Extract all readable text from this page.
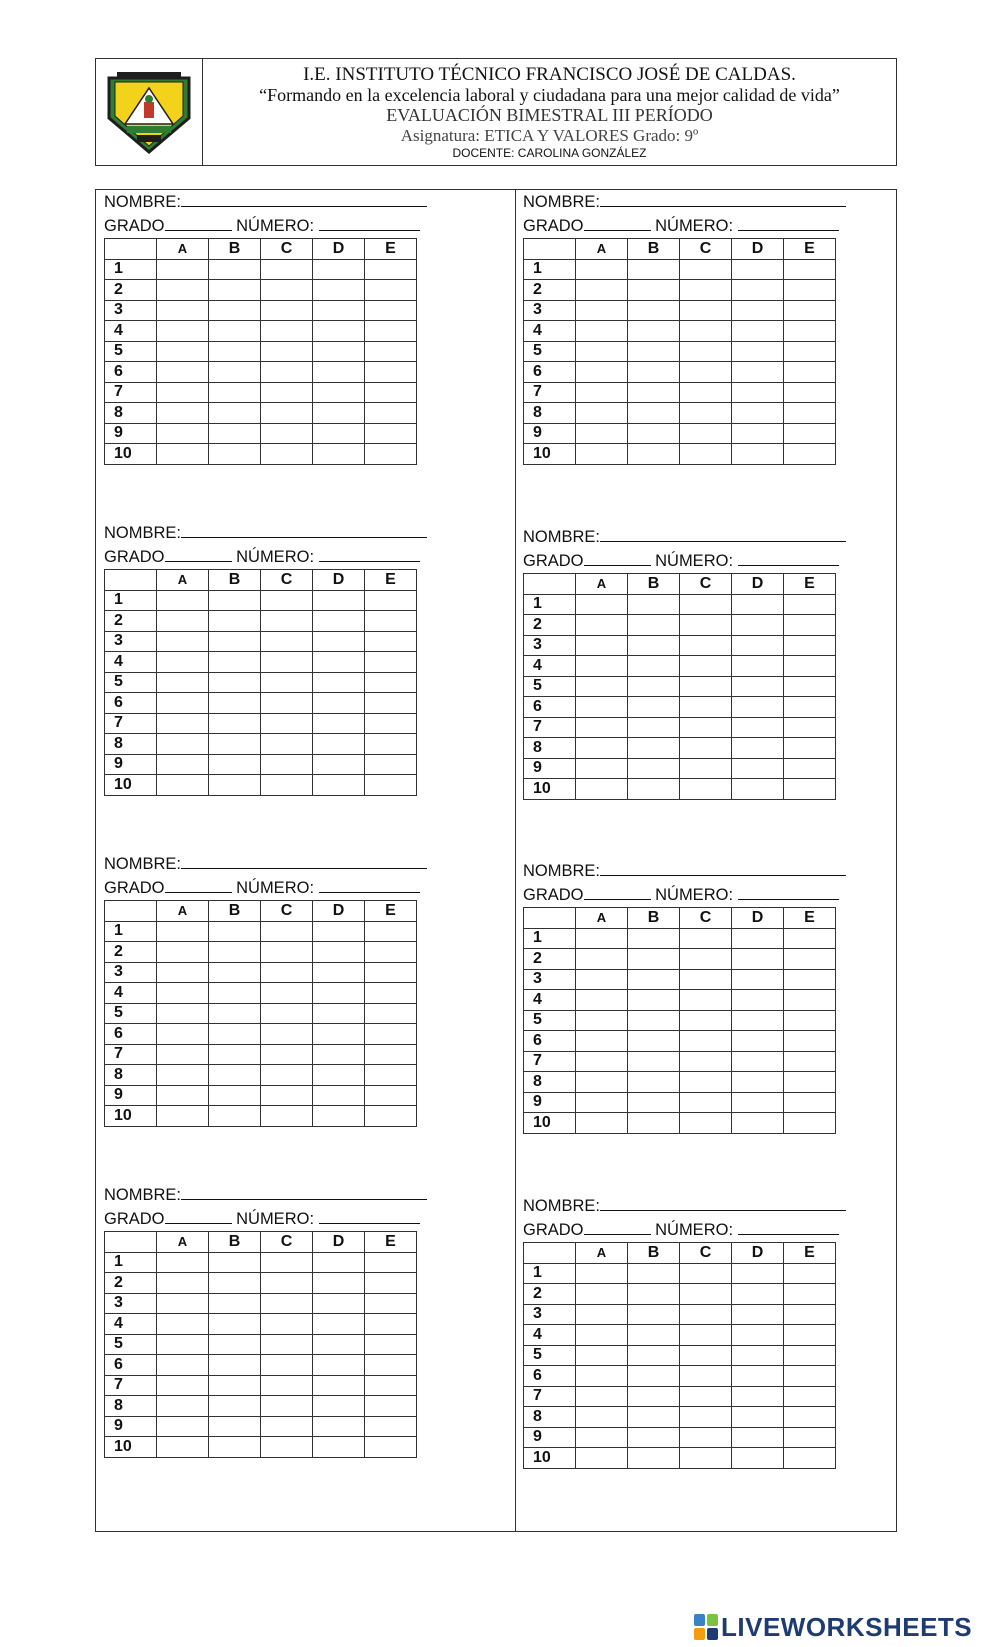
I.E. INSTITUTO TÉCNICO FRANCISCO JOSÉ DE CALDAS.
“Formando en la excelencia laboral y ciudadana para una mejor calidad de vida”
EVALUACIÓN BIMESTRAL III PERÍODO
Asignatura: ETICA Y VALORES Grado: 9º
DOCENTE: CAROLINA GONZÁLEZ
NOMBRE:
GRADO	NÚMERO:
	A	B	C	D	E
1					
2					
3					
4					
5					
6					
7					
8					
9					
10					
NOMBRE:
GRADO	NÚMERO:
	A	B	C	D	E
1					
2					
3					
4					
5					
6					
7					
8					
9					
10					
NOMBRE:
GRADO	NÚMERO:
	A	B	C	D	E
1					
2					
3					
4					
5					
6					
7					
8					
9					
10					
NOMBRE:
GRADO	NÚMERO:
	A	B	C	D	E
1					
2					
3					
4					
5					
6					
7					
8					
9					
10					
NOMBRE:
GRADO	NÚMERO:
	A	B	C	D	E
1					
2					
3					
4					
5					
6					
7					
8					
9					
10					
NOMBRE:
GRADO	NÚMERO:
	A	B	C	D	E
1					
2					
3					
4					
5					
6					
7					
8					
9					
10					
NOMBRE:
GRADO	NÚMERO:
	A	B	C	D	E
1					
2					
3					
4					
5					
6					
7					
8					
9					
10					
NOMBRE:
GRADO	NÚMERO:
	A	B	C	D	E
1					
2					
3					
4					
5					
6					
7					
8					
9					
10					
LIVEWORKSHEETS
